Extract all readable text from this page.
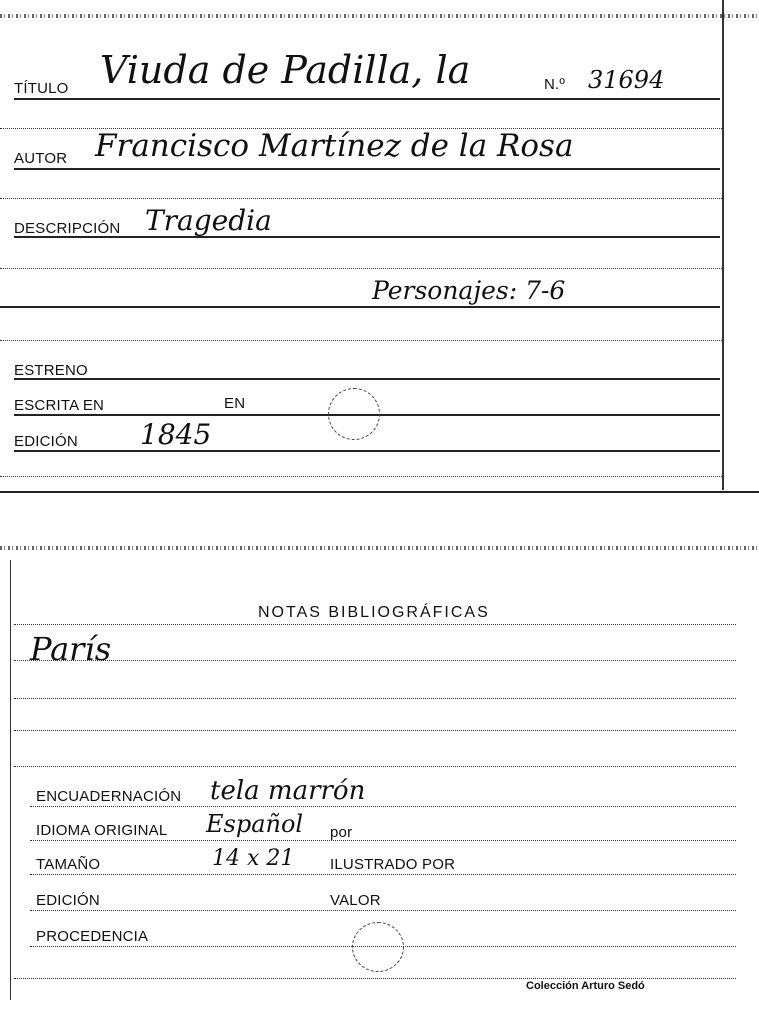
TÍTULO Viuda de Padilla, la	N.º 31694
AUTOR Francisco Martínez de la Rosa
DESCRIPCIÓN Tragedia
Personajes: 7-6
ESTRENO
ESCRITA EN	EN
EDICIÓN 1845
NOTAS BIBLIOGRÁFICAS
París
ENCUADERNACIÓN tela marrón
IDIOMA ORIGINAL Español por
TAMAÑO	14 x 21 ILUSTRADO POR
EDICIÓN	VALOR
PROCEDENCIA
Colección Arturo Sedó
